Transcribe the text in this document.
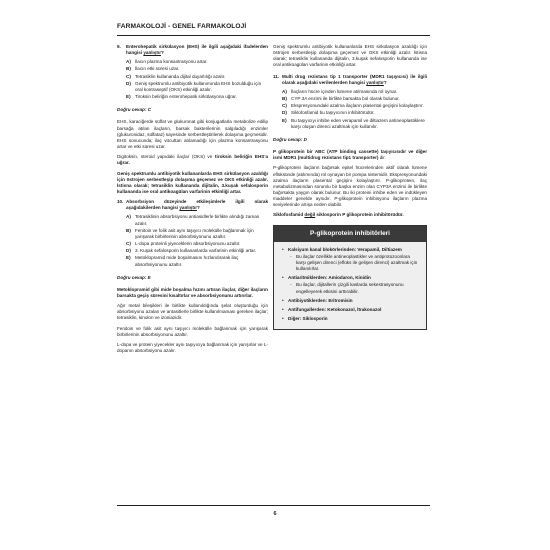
FARMAKOLOJİ - GENEL FARMAKOLOJİ
9.	Enterohepatik sirkülasyon (EHS) ile ilgili aşağıdaki ifadelerden hangisi yanlıştır?
A) İlacın plazma konsantrasyonu artar.
B) İlacın etki süresi uzar.
C) Tetrasiklin kullananda dijital duyarlılığı azalır.
D) Geniş spektrumlu antibiyotik kullanımında EHS bozulduğu için oral kontraseptif (OKS) etkinliği azalır.
E) Tiroksin beliriğin enterohepatik sirkülasyona uğrar.
Doğru cevap: C

EHS, karaciğerde sülfat ve glukuronat gibi konjugatlarla metabolize edilip barsağa atılan ilaçların, barsak bakterilerinin salgıladığı enzimler (glukuronidaz, sülfataz) sayesinde serbestleştirilerek dolaşıma geçmesidir. EHS sonucunda; ilaç vücuttan atılamadığı için plazma konsantrasyonu artar ve etki süresi uzar.

Digitoksin, steroid yapıdaki ilaçlar (OKS) ve tiroksin beliriğin EHS'a uğrar.

Geniş spektrumlu antibiyotik kullananlarda EHS sirkülasyon azaldığı için östrojen serbestleşip dolaşıma geçemez ve OKS etkinliği azalır. İstisna olarak; tetrasiklin kullananda dijitalin, 3.kuşak sefalosporin kullananda ise oral antikoagülan varfarinin etkinliği artar.

10. Absorbsiyon düzeyinde etkileşimlerle ilgili olarak aşağıdakilerden hangisi yanlıştır?
A) Tetrasiklinin absorbsiyonu antiasidlerle birlikte alındığı zaman azalır.
B) Fenitoin ve folik asit aynı taşıyıcı molekülle bağlanmak için yarışarak birbirlerinin absorbsiyonunu azaltır.
C) L-dopa proteinli yiyeceklerin absorbsiyonunu azaltır.
D) 3. Kuşak sefalosporin kullananlarda varfarinin etkinliği artar.
E) Metoklopramid mide boşalmasını hızlandırarak ilaç absorbsiyonunu azaltır.
Doğru cevap: E

Metoklopramid gibi mide boşalma hızını artıran ilaçlar, diğer ilaçların barsakta geçiş süresini kısaltırlar ve absorbsiyonunu artırırlar.

Ağır metal bileşikleri ile birlikte kullanıldığında şelat oluşturduğu için absorbsiyonu azalan ve antasitlerle birlikte kullanılmaması gereken ilaçlar; tetrasiklin, kinolon ve izoniazidir.

Fenitoin ve folik asit aynı taşıyıcı molekülle bağlanmak için yarışarak birbirlerinin absorbsiyonunu azaltır.

L-dopa ve protein yiyecekler aynı taşıyıcıya bağlanmak için yarışırlar ve L-dopanın absorbsiyonu azalır.

Geniş spektrumlu antibiyotik kullananlarda EHS sirkülasyon azaldığı için östrojen serbestleşip dolaşıma geçemez ve OKS etkinliği azalır. İstisna olarak; tetrasiklin kullananda dijitalin, 3.kuşak sefalosporin kullananda ise oral antikoagülan varfarinin etkinliği artar.

11. Multi drug rezistans tip 1 transporter (MDR1 taşıyıcısı) ile ilgili olarak aşağıdaki verilenlerden hangisi yanlıştır?
A) İlaçların hücre içinden lümene atılmasında rol oynar.
B) CYP 3A enzimi ile birlikte barsakta bol olarak bulunur.
C) Ekspresyonundaki azalma ilaçların plasental geçişini kolaylaştırır.
D) Siklofosfamid bu taşıyıcının inhibitörüdür.
E) Bu taşıyıcıyı inhibe eden verapamil ve diltiazem antineoplastiklere karşı oluşan direnci azaltmak için kullanılır.
Doğru cevap: D

P glikoprotein bir ABC (ATP binding cassette) taşıyıcısıdır ve diğer ismi MDR1 (multidrug rezistans tip1 transporter) dir.

P-glikoprotein ilaçların bağırsak epitel hücrelerinden aktif olarak lümene eflüksünde (atılımında) rol oynayan bir pompa sistemidir. Ekspresyonundaki azalma ilaçların plasental geçişini kolaylaştırır. P-glikoprotein, ilaç metabolizmasından sorumlu bir başka enzim olan CYP3A enzimi ile birlikte bağırsakta yaygın olarak bulunur. Bu iki proteini inhibe eden ve indükleyen maddeler genelde aynıdır. P-glikoprotein inhibisyonu ilaçların plazma seviyelerinde artışa neden olabilir.

Siklofosfamid değil siklosporin P glikoprotein inhibitörüdür.

P-glikoprotein inhibitörleri
• Kalsiyum kanal blokörlerinden: Verapamil, Diltiazem
- Bu ilaçlar özellikle antineoplastikler ve antiprotozoonlara karşı gelişen direnci (eflüks ile gelişen direnci) azaltmak için kullanılırlar.
• Antiaritmiklerden: Amiodaron, Kinidin
- Bu ilaçlar, dijitallerin çizgili kaslarda sekestrasyonunu engelleyerek etkisini arttırabilir.
• Antibiyotiklerden: Eritromisin
• Antifungallerden: Ketokonazol, İtrakonazol
• Diğer: Siklosporin
6
